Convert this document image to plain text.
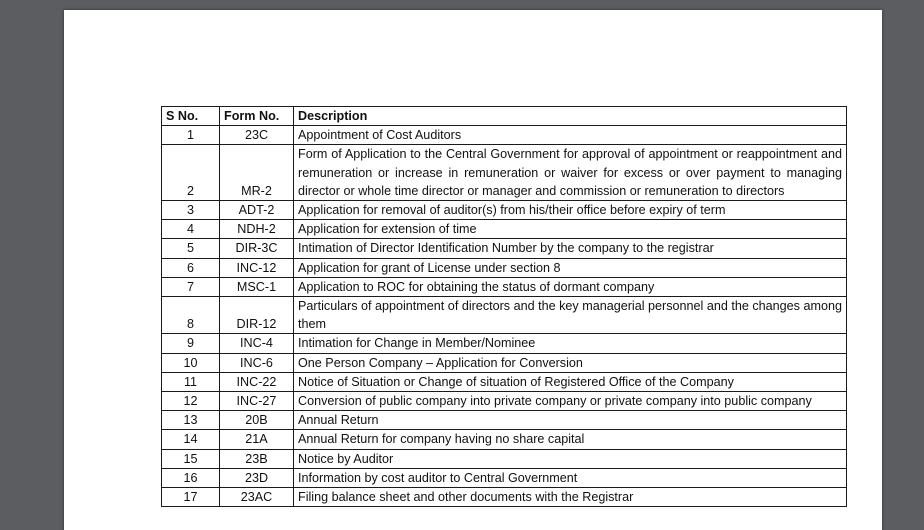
S No.	Form No.	Description
1	23C	Appointment of Cost Auditors
2	MR-2	Form of Application to the Central Government for approval of appointment or reappointment and remuneration or increase in remuneration or waiver for excess or over payment to managing director or whole time director or manager and commission or remuneration to directors
3	ADT-2	Application for removal of auditor(s) from his/their office before expiry of term
4	NDH-2	Application for extension of time
5	DIR-3C	Intimation of Director Identification Number by the company to the registrar
6	INC-12	Application for grant of License under section 8
7	MSC-1	Application to ROC for obtaining the status of dormant company
8	DIR-12	Particulars of appointment of directors and the key managerial personnel and the changes among them
9	INC-4	Intimation for Change in Member/Nominee
10	INC-6	One Person Company – Application for Conversion
11	INC-22	Notice of Situation or Change of situation of Registered Office of the Company
12	INC-27	Conversion of public company into private company or private company into public company
13	20B	Annual Return
14	21A	Annual Return for company having no share capital
15	23B	Notice by Auditor
16	23D	Information by cost auditor to Central Government
17	23AC	Filing balance sheet and other documents with the Registrar
